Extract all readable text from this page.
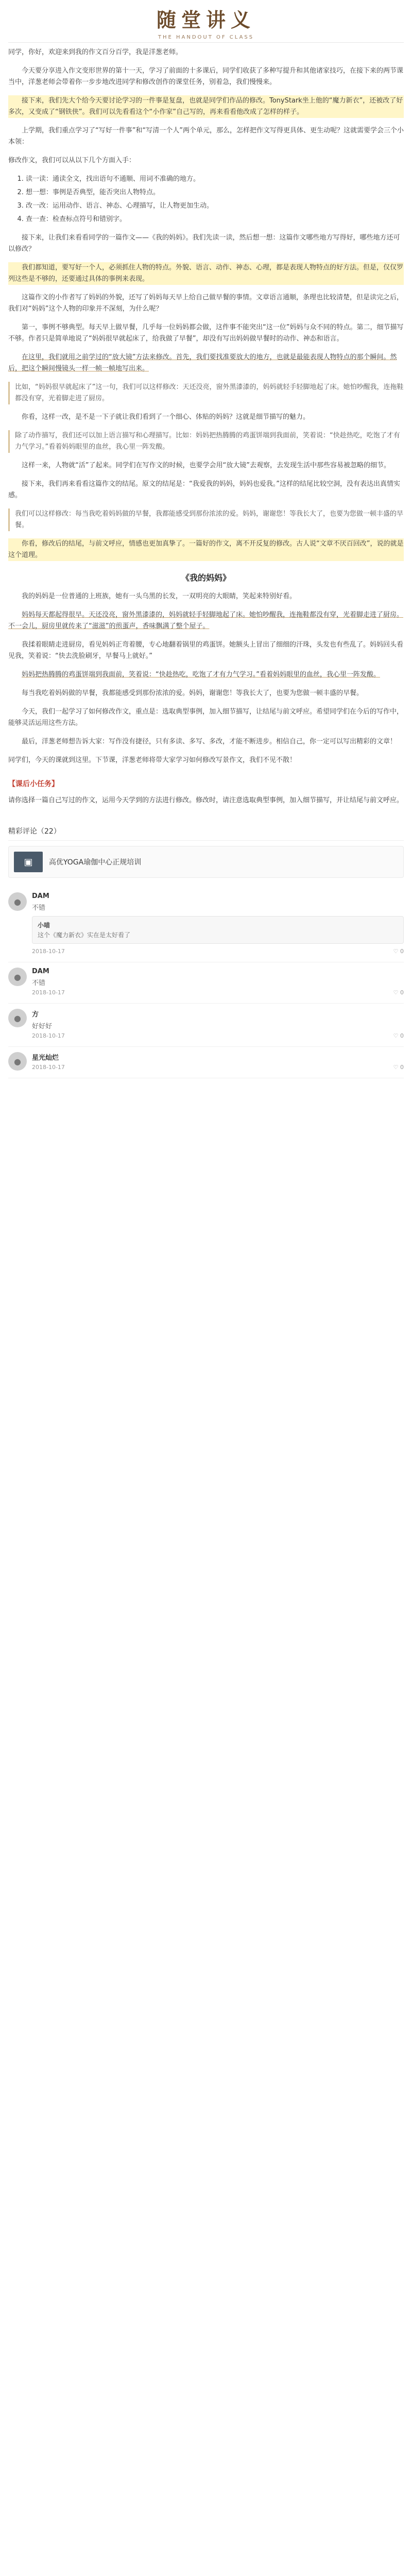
随堂讲义
THE HANDOUT OF CLASS

同学，你好，欢迎来到我的作文百分百学，我是洋葱老师。

今天要分享进入作文变形世界的第十一天，学习了前面的十多课后，同学们收获了多种写提升和其他诸家技巧，在接下来的两节课当中，洋葱老师会带着你一步步地改进同学和修改创作的课堂任务，别着急，我们慢慢来。

接下来，我们先大个给今天要讨论学习的一件事是复盘，也就是同学们作品的修改。TonyStark坐上他的“魔力新衣”，还被改了好多次，又变成了“钢铁侠”。我们可以先看看这个“小作家”自己写的，再来看看他改成了怎样的样子。

上学期，我们重点学习了“写好一件事”和“写清一个人”两个单元，那么，怎样把作文写得更具体、更生动呢？这就需要学会三个小本领：

修改作文，我们可以从以下几个方面入手：

1. 读一读：通读全文，找出语句不通顺、用词不准确的地方。
2. 想一想：事例是否典型，能否突出人物特点。
3. 改一改：运用动作、语言、神态、心理描写，让人物更加生动。
4. 查一查：检查标点符号和错别字。

接下来，让我们来看看同学的一篇作文——《我的妈妈》。我们先读一读，然后想一想：这篇作文哪些地方写得好，哪些地方还可以修改？

我们都知道，要写好一个人，必须抓住人物的特点。外貌、语言、动作、神态、心理，都是表现人物特点的好方法。但是，仅仅罗列这些是不够的，还要通过具体的事例来表现。

这篇作文的小作者写了妈妈的外貌，还写了妈妈每天早上给自己做早餐的事情。文章语言通顺，条理也比较清楚，但是读完之后，我们对“妈妈”这个人物的印象并不深刻，为什么呢？

第一，事例不够典型。每天早上做早餐，几乎每一位妈妈都会做，这件事不能突出“这一位”妈妈与众不同的特点。第二，细节描写不够。作者只是简单地说了“妈妈很早就起床了，给我做了早餐”，却没有写出妈妈做早餐时的动作、神态和语言。

在这里，我们就用之前学过的“放大镜”方法来修改。首先，我们要找准要放大的地方，也就是最能表现人物特点的那个瞬间。然后，把这个瞬间慢镜头一样一帧一帧地写出来。

比如，“妈妈很早就起床了”这一句，我们可以这样修改：天还没亮，窗外黑漆漆的，妈妈就轻手轻脚地起了床。她怕吵醒我，连拖鞋都没有穿，光着脚走进了厨房。

你看，这样一改，是不是一下子就让我们看到了一个细心、体贴的妈妈？这就是细节描写的魅力。

除了动作描写，我们还可以加上语言描写和心理描写。比如：妈妈把热腾腾的鸡蛋饼端到我面前，笑着说：“快趁热吃，吃饱了才有力气学习。”看着妈妈眼里的血丝，我心里一阵发酸。

这样一来，人物就“活”了起来。同学们在写作文的时候，也要学会用“放大镜”去观察，去发现生活中那些容易被忽略的细节。

接下来，我们再来看看这篇作文的结尾。原文的结尾是：“我爱我的妈妈，妈妈也爱我。”这样的结尾比较空洞，没有表达出真情实感。

我们可以这样修改：每当我吃着妈妈做的早餐，我都能感受到那份浓浓的爱。妈妈，谢谢您！等我长大了，也要为您做一顿丰盛的早餐。

你看，修改后的结尾，与前文呼应，情感也更加真挚了。一篇好的作文，离不开反复的修改。古人说“文章不厌百回改”，说的就是这个道理。

《我的妈妈》

我的妈妈是一位普通的上班族，她有一头乌黑的长发，一双明亮的大眼睛，笑起来特别好看。

妈妈每天都起得很早。天还没亮，窗外黑漆漆的，妈妈就轻手轻脚地起了床。她怕吵醒我，连拖鞋都没有穿，光着脚走进了厨房。不一会儿，厨房里就传来了“滋滋”的煎蛋声，香味飘满了整个屋子。

我揉着眼睛走进厨房，看见妈妈正弯着腰，专心地翻着锅里的鸡蛋饼。她额头上冒出了细细的汗珠，头发也有些乱了。妈妈回头看见我，笑着说：“快去洗脸刷牙，早餐马上就好。”

妈妈把热腾腾的鸡蛋饼端到我面前，笑着说：“快趁热吃，吃饱了才有力气学习。”看着妈妈眼里的血丝，我心里一阵发酸。

每当我吃着妈妈做的早餐，我都能感受到那份浓浓的爱。妈妈，谢谢您！等我长大了，也要为您做一顿丰盛的早餐。

今天，我们一起学习了如何修改作文，重点是：选取典型事例，加入细节描写，让结尾与前文呼应。希望同学们在今后的写作中，能够灵活运用这些方法。

最后，洋葱老师想告诉大家：写作没有捷径，只有多读、多写、多改，才能不断进步。相信自己，你一定可以写出精彩的文章！

同学们，今天的课就到这里。下节课，洋葱老师将带大家学习如何修改写景作文，我们不见不散！

【课后小任务】
请你选择一篇自己写过的作文，运用今天学到的方法进行修改。修改时，请注意选取典型事例，加入细节描写，并让结尾与前文呼应。
精彩评论（22）
▣	高优YOGA瑜伽中心正规培训
●
DAM
不错
小喵
这个《魔力新衣》实在是太好看了
2018-10-17	♡ 0
●
DAM
不错
2018-10-17	♡ 0
●	方
好好好
2018-10-17	♡ 0
●	星光灿烂
2018-10-17	♡ 0
